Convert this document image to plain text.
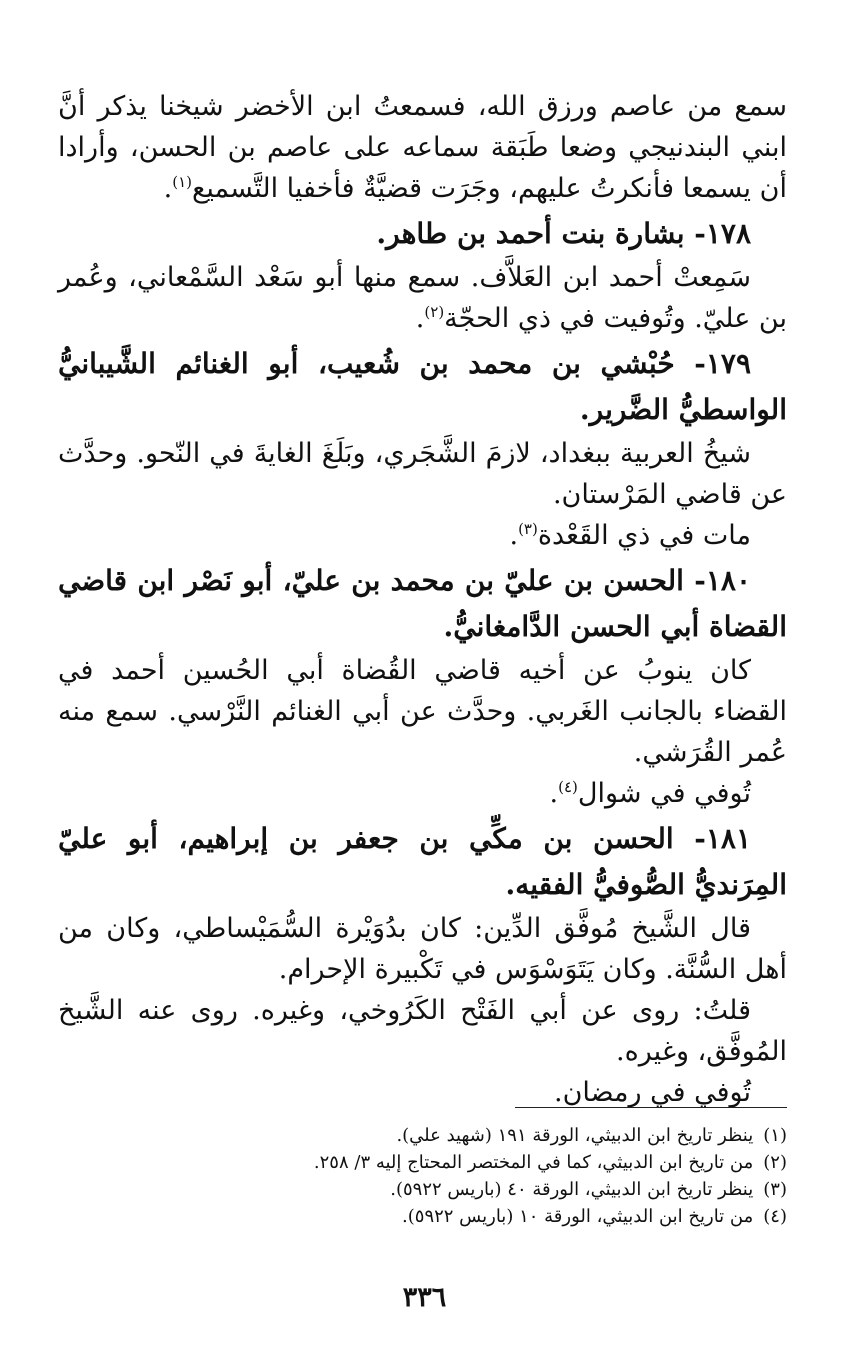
سمع من عاصم ورزق الله، فسمعتُ ابن الأخضر شيخنا يذكر أنَّ ابني البندنيجي وضعا طَبَقة سماعه على عاصم بن الحسن، وأرادا أن يسمعا فأنكرتُ عليهم، وجَرَت قضيَّةٌ فأخفيا التَّسميع$^{(١)}$.

١٧٨- بشارة بنت أحمد بن طاهر.

سَمِعتْ أحمد ابن العَلاَّف. سمع منها أبو سَعْد السَّمْعاني، وعُمر بن عليّ. وتُوفيت في ذي الحجّة$^{(٢)}$.

١٧٩- حُبْشي بن محمد بن شُعيب، أبو الغنائم الشَّيبانيُّ الواسطيُّ الضَّرير.

شيخُ العربية ببغداد، لازمَ الشَّجَري، وبَلَغَ الغايةَ في النّحو. وحدَّث عن قاضي المَرْستان.

مات في ذي القَعْدة$^{(٣)}$.

١٨٠- الحسن بن عليّ بن محمد بن عليّ، أبو نَصْر ابن قاضي القضاة أبي الحسن الدَّامغانيُّ.

كان ينوبُ عن أخيه قاضي القُضاة أبي الحُسين أحمد في القضاء بالجانب الغَربي. وحدَّث عن أبي الغنائم النَّرْسي. سمع منه عُمر القُرَشي.

تُوفي في شوال$^{(٤)}$.

١٨١- الحسن بن مكِّي بن جعفر بن إبراهيم، أبو عليّ المِرَنديُّ الصُّوفيُّ الفقيه.

قال الشَّيخ مُوفَّق الدِّين: كان بدُوَيْرة السُّمَيْساطي، وكان من أهل السُّنَّة. وكان يَتَوَسْوَس في تَكْبيرة الإحرام.

قلتُ: روى عن أبي الفَتْح الكَرُوخي، وغيره. روى عنه الشَّيخ المُوفَّق، وغيره.

تُوفي في رمضان.

(١)
ينظر تاريخ ابن الدبيثي، الورقة ١٩١ (شهيد علي).
(٢)
من تاريخ ابن الدبيثي، كما في المختصر المحتاج إليه ٣/ ٢٥٨.
(٣)
ينظر تاريخ ابن الدبيثي، الورقة ٤٠ (باريس ٥٩٢٢).
(٤)
من تاريخ ابن الدبيثي، الورقة ١٠ (باريس ٥٩٢٢).
٣٣٦
